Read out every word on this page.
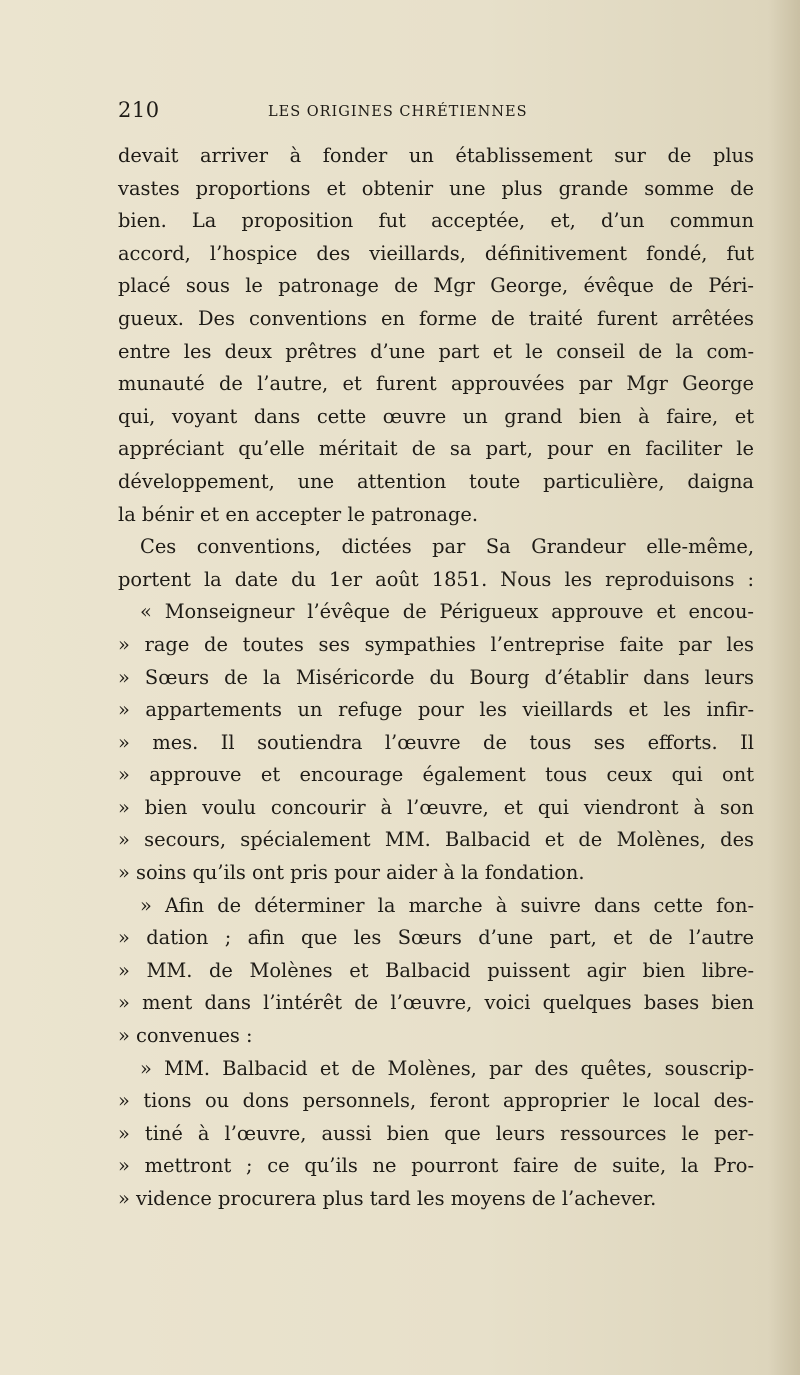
210	LES ORIGINES CHRÉTIENNES
devait arriver à fonder un établissement sur de plus
vastes proportions et obtenir une plus grande somme de
bien. La proposition fut acceptée, et, d’un commun
accord, l’hospice des vieillards, définitivement fondé, fut
placé sous le patronage de Mgr George, évêque de Péri-
gueux. Des conventions en forme de traité furent arrêtées
entre les deux prêtres d’une part et le conseil de la com-
munauté de l’autre, et furent approuvées par Mgr George
qui, voyant dans cette œuvre un grand bien à faire, et
appréciant qu’elle méritait de sa part, pour en faciliter le
développement, une attention toute particulière, daigna
la bénir et en accepter le patronage.
Ces conventions, dictées par Sa Grandeur elle-même,
portent la date du 1er août 1851. Nous les reproduisons :
« Monseigneur l’évêque de Périgueux approuve et encou-
» rage de toutes ses sympathies l’entreprise faite par les
» Sœurs de la Miséricorde du Bourg d’établir dans leurs
» appartements un refuge pour les vieillards et les infir-
» mes. Il soutiendra l’œuvre de tous ses efforts. Il
» approuve et encourage également tous ceux qui ont
» bien voulu concourir à l’œuvre, et qui viendront à son
» secours, spécialement MM. Balbacid et de Molènes, des
» soins qu’ils ont pris pour aider à la fondation.
» Afin de déterminer la marche à suivre dans cette fon-
» dation ; afin que les Sœurs d’une part, et de l’autre
» MM. de Molènes et Balbacid puissent agir bien libre-
» ment dans l’intérêt de l’œuvre, voici quelques bases bien
» convenues :
» MM. Balbacid et de Molènes, par des quêtes, souscrip-
» tions ou dons personnels, feront approprier le local des-
» tiné à l’œuvre, aussi bien que leurs ressources le per-
» mettront ; ce qu’ils ne pourront faire de suite, la Pro-
» vidence procurera plus tard les moyens de l’achever.
